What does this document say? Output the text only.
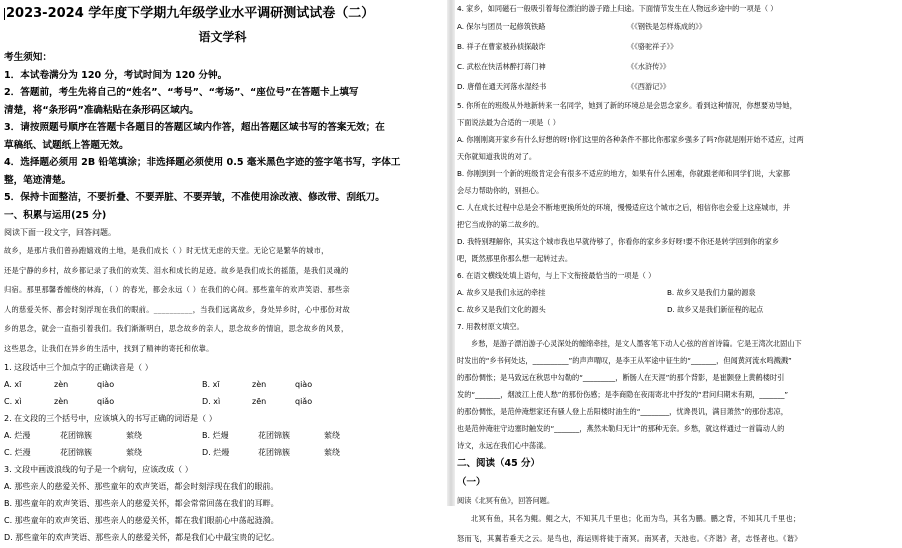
2023-2024 学年度下学期九年级学业水平调研测试试卷（二）
语文学科
考生须知：
1．本试卷满分为 120 分，考试时间为 120 分钟。
2．答题前，考生先将自己的“姓名”、“考号”、“考场”、“座位号”在答题卡上填写
清楚，将“条形码”准确粘贴在条形码区域内。
3．请按照题号顺序在答题卡各题目的答题区域内作答，超出答题区域书写的答案无效；在
草稿纸、试题纸上答题无效。
4．选择题必须用 2B 铅笔填涂；非选择题必须使用 0.5 毫米黑色字迹的签字笔书写，字体工
整，笔迹清楚。
5．保持卡面整洁，不要折叠、不要弄脏、不要弄皱，不准使用涂改液、修改带、刮纸刀。
一、积累与运用(25 分)
阅读下面一段文字，回答问题。
故乡，是那片我们曾孙跑嬉戏的土地，是我们成长（ ）时无忧无虑的天堂。无论它是繁华的城市，
还是宁静的乡村，故乡都记录了我们的欢笑、泪水和成长的足迹。故乡是我们成长的摇篮，是我们灵魂的
归宿。那里那馨香缠绕的林海，（ ）的春光，都会永远（ ）在我们的心间。那些童年的欢声笑语、那些亲
人的慈爱关怀、都会时刻浮现在我们的眼前。__________，当我们远离故乡，身处异乡时，心中那份对故
乡的思念，就会一直指引着我们。我们渐渐明白，思念故乡的亲人，思念故乡的情谊，思念故乡的风景，
这些思念，让我们在异乡的生活中，找到了精神的寄托和依靠。
1. 这段话中三个加点字的正确读音是（ ）
A. xī	zèn	qiào	B. xī	zèn	qiào
C. xì	zèn	qiǎo	D. xì	zēn	qiǎo
2. 在文段的三个括号中，应该填入的书写正确的词语是（ ）
A. 烂漫	花团锦簇	萦绕	B. 烂熳	花团锦簇	萦绕
C. 烂漫	花团锦簇	萦绕	D. 烂熳	花团锦簇	萦绕
3. 文段中画波浪线的句子是一个病句，应该改成（ ）
A. 那些亲人的慈爱关怀、那些童年的欢声笑语，都会时刻浮现在我们的眼前。
B. 那些童年的欢声笑语、那些亲人的慈爱关怀，都会常常回荡在我们的耳畔。
C. 那些童年的欢声笑语、那些亲人的慈爱关怀，都在我们眼前心中荡起涟漪。
D. 那些童年的欢声笑语、那些亲人的慈爱关怀，都是我们心中最宝贵的记忆。
4. 家乡，如同磁石一般吸引着每位漂泊的游子踏上归途。下面情节发生在人物远乡途中的一项是（ ）
A. 保尔与团员一起修筑铁路	《《钢铁是怎样炼成的》》
B. 祥子在曹家被孙侦探敲诈	《《骆驼祥子》》
C. 武松在快活林醉打蒋门神	《《水浒传》》
D. 唐僧在通天河落水湿经书	《《西游记》》
5. 你所在的班级从外地新转来一名同学，她到了新的环境总是会思念家乡。看到这种情况，你想要劝导她，
下面说法最为合适的一项是（ ）
A. 你刚刚离开家乡有什么好想的呀!你们这里的各种条件不都比你那家乡强多了吗?你就是刚开始不适应，过两
天你就知道我说的对了。
B. 你刚到到一个新的班级肯定会有很多不适应的地方，如果有什么困难，你就跟老师和同学们说，大家都
会尽力帮助你的，别担心。
C. 人在成长过程中总是会不断地更换所处的环境，慢慢适应这个城市之后，相信你也会爱上这座城市，并
把它当成你的第二故乡的。
D. 我特别理解你，其实这个城市我也早就待够了，你看你的家乡多好呀!要不你还是转学回到你的家乡
吧，既然那里你那么想一起转过去。
6. 在语文横线处填上语句，与上下文衔接最恰当的一项是（ ）
A. 故乡又是我们永远的牵挂	B. 故乡又是我们力量的源泉
C. 故乡又是我们文化的源头	D. 故乡又是我们新征程的起点
7. 用教材原文填空。
乡愁，是游子漂泊游子心灵深处的缠绵牵挂，是文人墨客笔下动人心弦的首首诗篇。它是王湾次北固山下
时发出的“乡书何处达，__________”的声声喟叹，是李王从军途中征生的“_______，但闻黄河流水鸣溅溅”
的那份惆怅；是马致远在秋思中勾勒的“_________，断肠人在天涯”的那个背影，是崔颢登上黄鹤楼时引
发的“_______，烟波江上使人愁”的那份伤感；是李商隐在夜雨寄北中抒发的“君问归期未有期，_______”
的那份惆怅，是范仲淹想家还有骚人登上岳阳楼时油生的“________，忧谗畏讥，满目萧然”的那份悲凉，
也是范仲淹驻守边塞时触发的“_______，燕然未勒归无计”的那种无奈。乡愁，就这样通过一首篇动人的
诗文，永远在我们心中荡漾。
二、阅读（45 分）
（一）
阅读《北冥有鱼》，回答问题。
北冥有鱼，其名为鲲。鲲之大，不知其几千里也；化而为鸟，其名为鹏。鹏之背，不知其几千里也；
怒而飞，其翼若垂天之云。是鸟也，海运则将徙于南冥。南冥者，天池也。《齐谐》者，志怪者也。《谐》
